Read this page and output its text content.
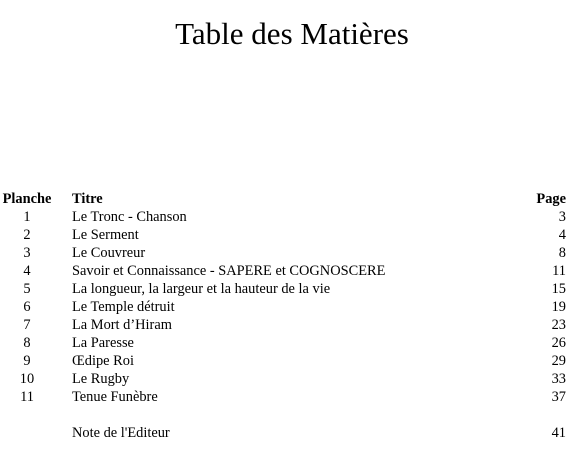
Table des Matières
Planche	Titre	Page
1	Le Tronc - Chanson	3
2	Le Serment	4
3	Le Couvreur	8
4	Savoir et Connaissance - SAPERE et COGNOSCERE	11
5	La longueur, la largeur et la hauteur de la vie	15
6	Le Temple détruit	19
7	La Mort d’Hiram	23
8	La Paresse	26
9	Œdipe Roi	29
10	Le Rugby	33
11	Tenue Funèbre	37

	Note de l'Editeur	41
